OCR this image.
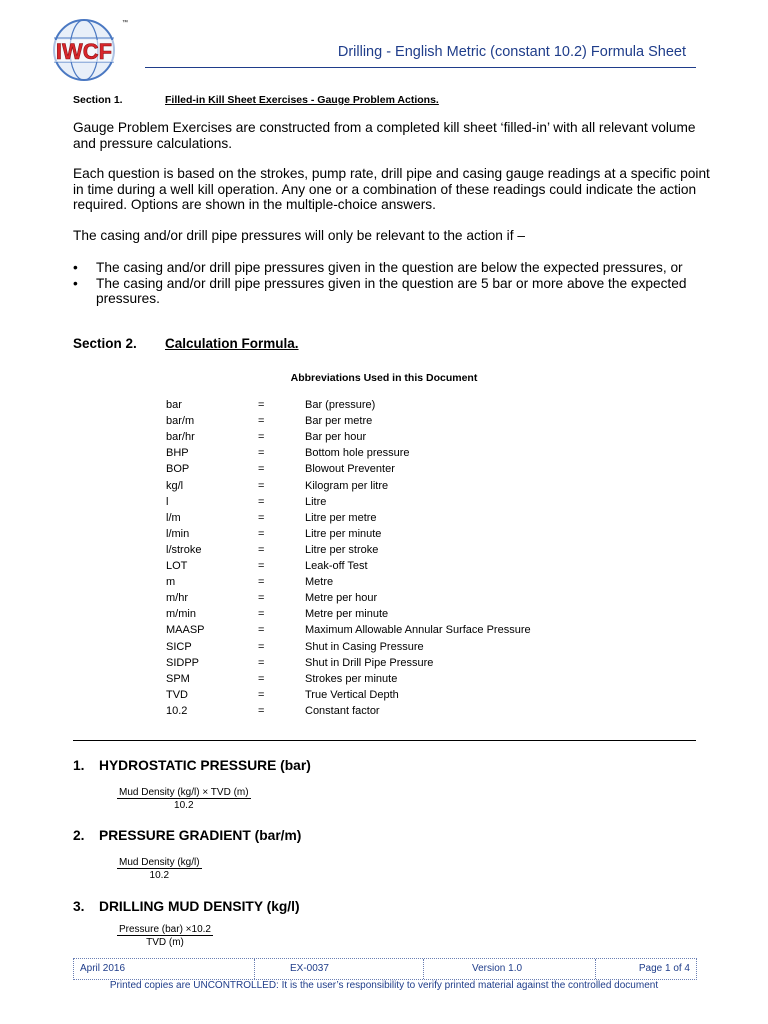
IWCF
™
Drilling - English Metric (constant 10.2) Formula Sheet
Section 1.	Filled-in Kill Sheet Exercises - Gauge Problem Actions.
Gauge Problem Exercises are constructed from a completed kill sheet ‘filled-in’ with all relevant volume and pressure calculations.
Each question is based on the strokes, pump rate, drill pipe and casing gauge readings at a specific point in time during a well kill operation. Any one or a combination of these readings could indicate the action required. Options are shown in the multiple-choice answers.
The casing and/or drill pipe pressures will only be relevant to the action if –
• The casing and/or drill pipe pressures given in the question are below the expected pressures, or
• The casing and/or drill pipe pressures given in the question are 5 bar or more above the expected pressures.
Section 2. Calculation Formula.
Abbreviations Used in this Document
bar	=	Bar (pressure)
bar/m	=	Bar per metre
bar/hr	=	Bar per hour
BHP	=	Bottom hole pressure
BOP	=	Blowout Preventer
kg/l	=	Kilogram per litre
l	=	Litre
l/m	=	Litre per metre
l/min	=	Litre per minute
l/stroke	=	Litre per stroke
LOT	=	Leak-off Test
m	=	Metre
m/hr	=	Metre per hour
m/min	=	Metre per minute
MAASP	=	Maximum Allowable Annular Surface Pressure
SICP	=	Shut in Casing Pressure
SIDPP	=	Shut in Drill Pipe Pressure
SPM	=	Strokes per minute
TVD	=	True Vertical Depth
10.2	=	Constant factor
1. HYDROSTATIC PRESSURE (bar)
Mud Density (kg/l) × TVD (m)
10.2
2. PRESSURE GRADIENT (bar/m)
Mud Density (kg/l)
10.2
3. DRILLING MUD DENSITY (kg/l)
Pressure (bar) ×10.2
TVD (m)
April 2016	EX-0037	Version 1.0	Page 1 of 4
Printed copies are UNCONTROLLED: It is the user’s responsibility to verify printed material against the controlled document
